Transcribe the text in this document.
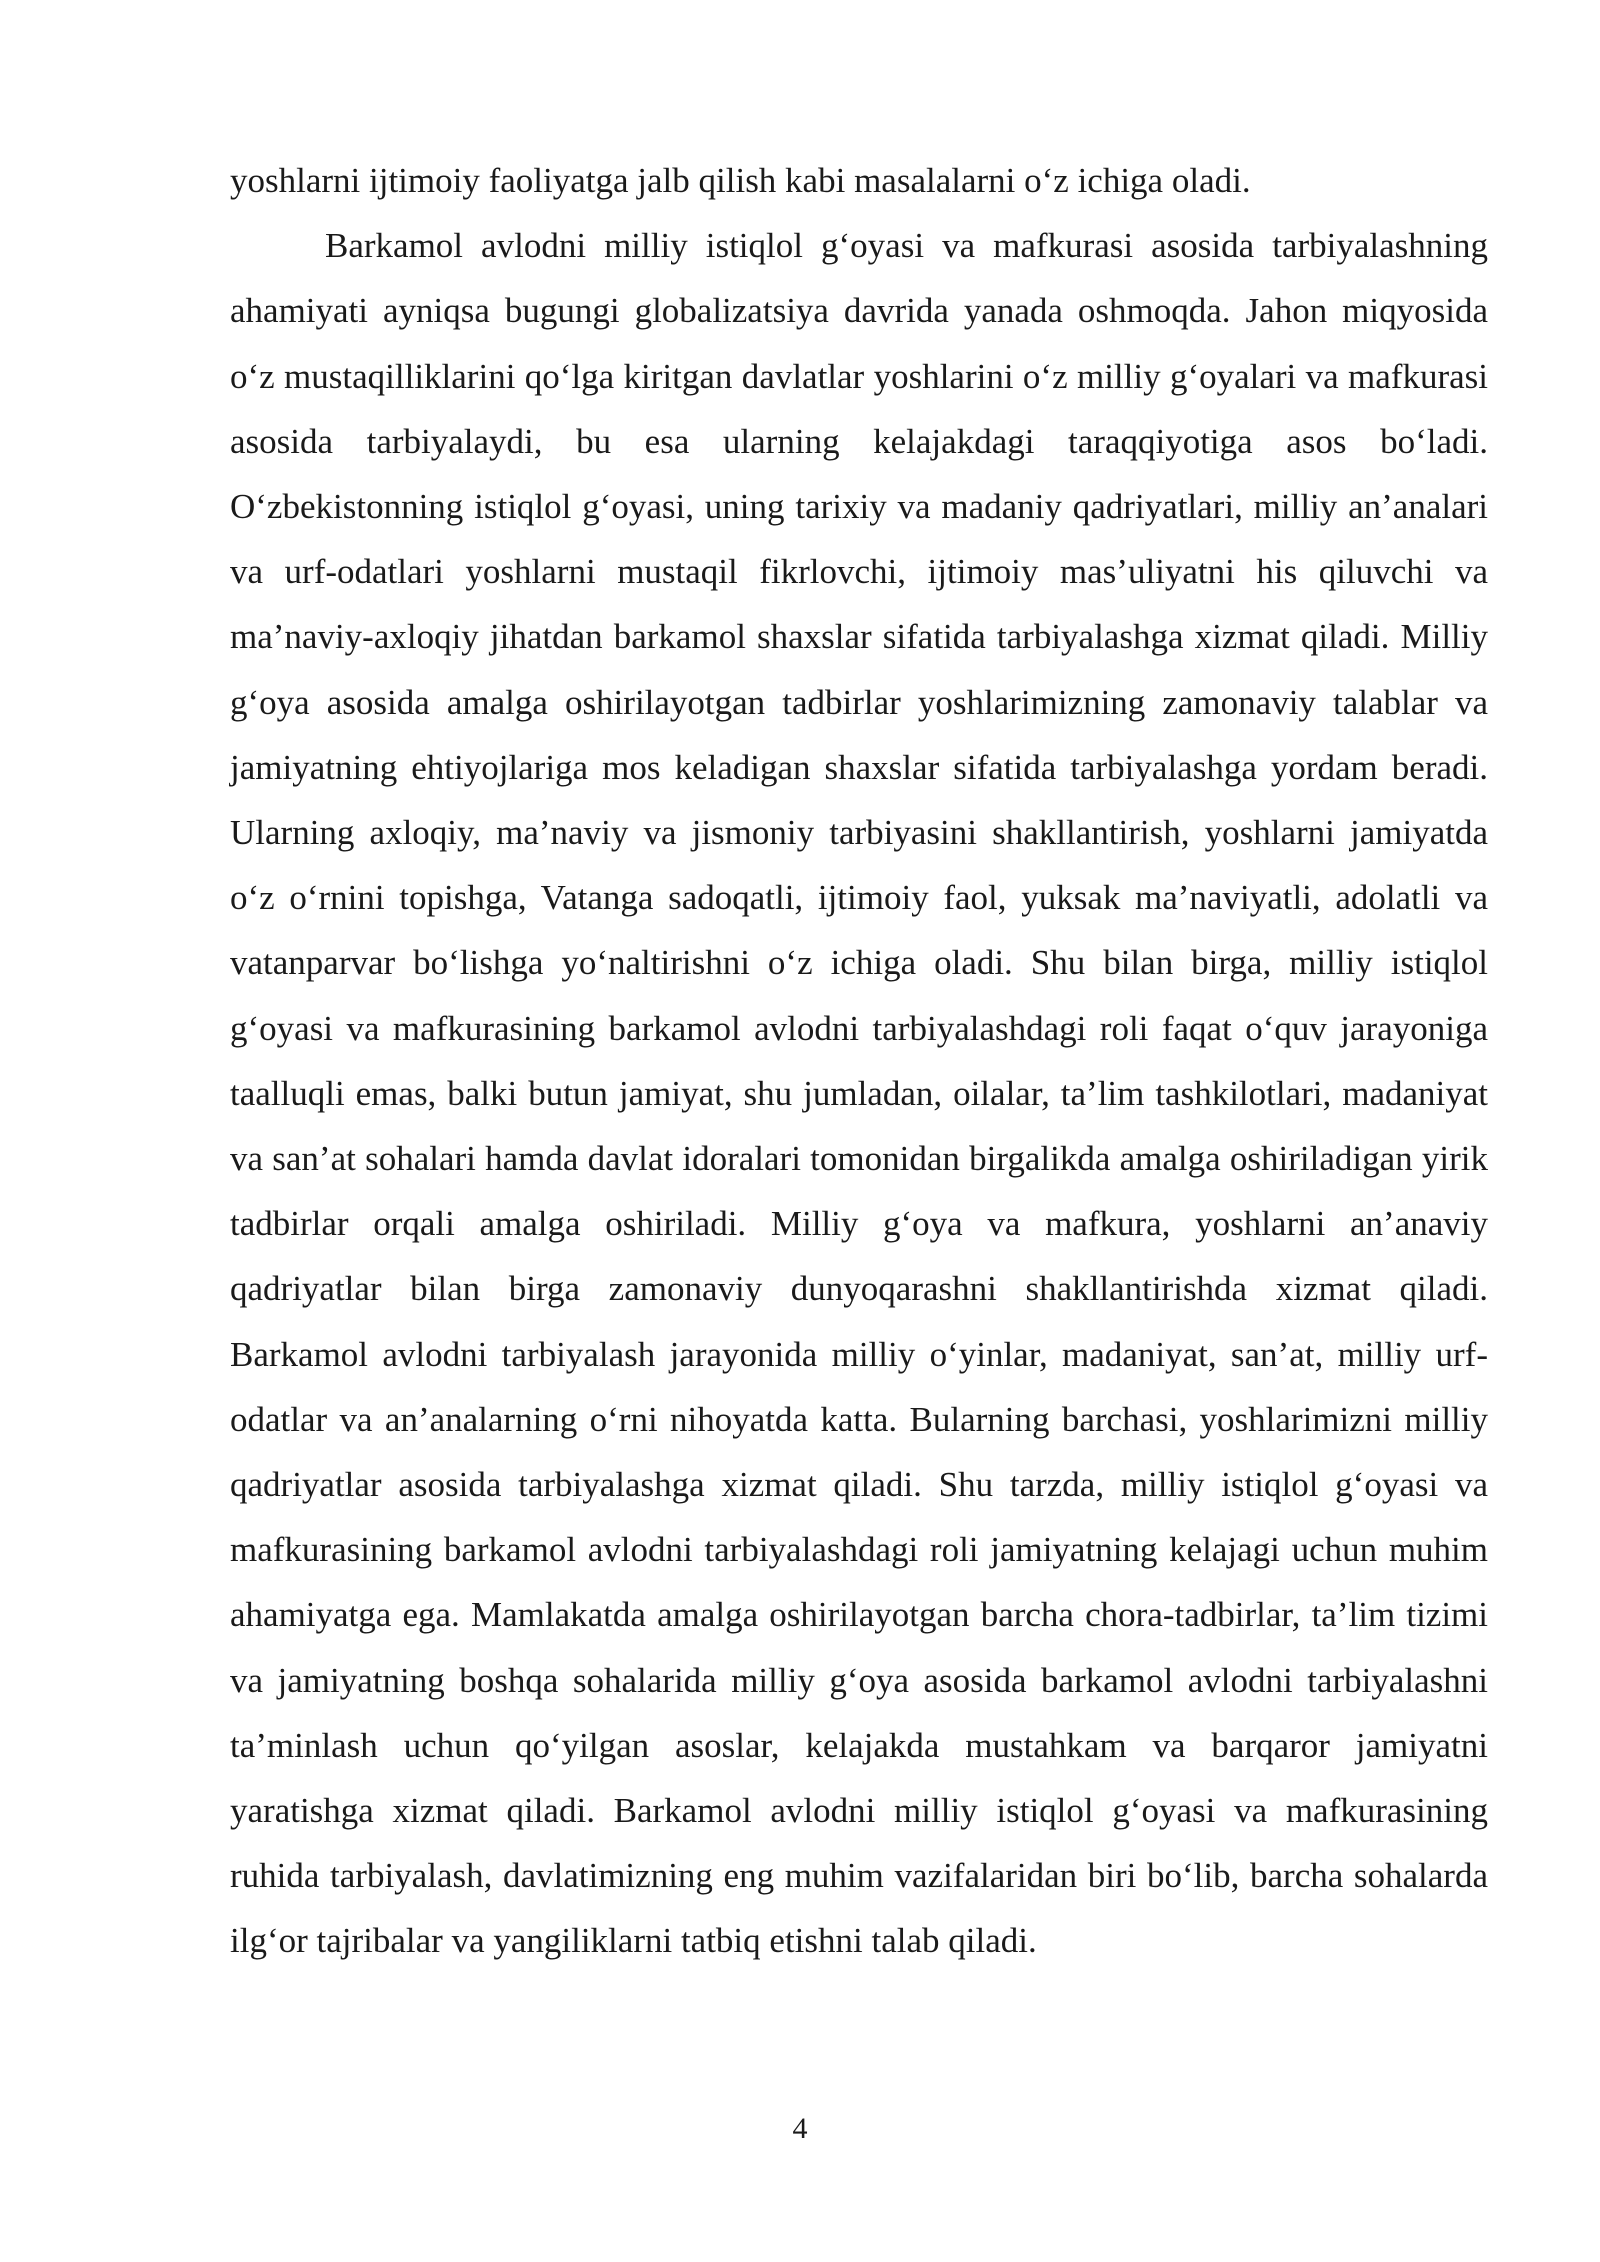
yoshlarni ijtimoiy faoliyatga jalb qilish kabi masalalarni o‘z ichiga oladi.

Barkamol avlodni milliy istiqlol g‘oyasi va mafkurasi asosida tarbiyalashning ahamiyati ayniqsa bugungi globalizatsiya davrida yanada oshmoqda. Jahon miqyosida o‘z mustaqilliklarini qo‘lga kiritgan davlatlar yoshlarini o‘z milliy g‘oyalari va mafkurasi asosida tarbiyalaydi, bu esa ularning kelajakdagi taraqqiyotiga asos bo‘ladi. O‘zbekistonning istiqlol g‘oyasi, uning tarixiy va madaniy qadriyatlari, milliy an’analari va urf-odatlari yoshlarni mustaqil fikrlovchi, ijtimoiy mas’uliyatni his qiluvchi va ma’naviy-axloqiy jihatdan barkamol shaxslar sifatida tarbiyalashga xizmat qiladi. Milliy g‘oya asosida amalga oshirilayotgan tadbirlar yoshlarimizning zamonaviy talablar va jamiyatning ehtiyojlariga mos keladigan shaxslar sifatida tarbiyalashga yordam beradi. Ularning axloqiy, ma’naviy va jismoniy tarbiyasini shakllantirish, yoshlarni jamiyatda o‘z o‘rnini topishga, Vatanga sadoqatli, ijtimoiy faol, yuksak ma’naviyatli, adolatli va vatanparvar bo‘lishga yo‘naltirishni o‘z ichiga oladi. Shu bilan birga, milliy istiqlol g‘oyasi va mafkurasining barkamol avlodni tarbiyalashdagi roli faqat o‘quv jarayoniga taalluqli emas, balki butun jamiyat, shu jumladan, oilalar, ta’lim tashkilotlari, madaniyat va san’at sohalari hamda davlat idoralari tomonidan birgalikda amalga oshiriladigan yirik tadbirlar orqali amalga oshiriladi. Milliy g‘oya va mafkura, yoshlarni an’anaviy qadriyatlar bilan birga zamonaviy dunyoqarashni shakllantirishda xizmat qiladi. Barkamol avlodni tarbiyalash jarayonida milliy o‘yinlar, madaniyat, san’at, milliy urf-odatlar va an’analarning o‘rni nihoyatda katta. Bularning barchasi, yoshlarimizni milliy qadriyatlar asosida tarbiyalashga xizmat qiladi. Shu tarzda, milliy istiqlol g‘oyasi va mafkurasining barkamol avlodni tarbiyalashdagi roli jamiyatning kelajagi uchun muhim ahamiyatga ega. Mamlakatda amalga oshirilayotgan barcha chora-tadbirlar, ta’lim tizimi va jamiyatning boshqa sohalarida milliy g‘oya asosida barkamol avlodni tarbiyalashni ta’minlash uchun qo‘yilgan asoslar, kelajakda mustahkam va barqaror jamiyatni yaratishga xizmat qiladi. Barkamol avlodni milliy istiqlol g‘oyasi va mafkurasining ruhida tarbiyalash, davlatimizning eng muhim vazifalaridan biri bo‘lib, barcha sohalarda ilg‘or tajribalar va yangiliklarni tatbiq etishni talab qiladi.

4
